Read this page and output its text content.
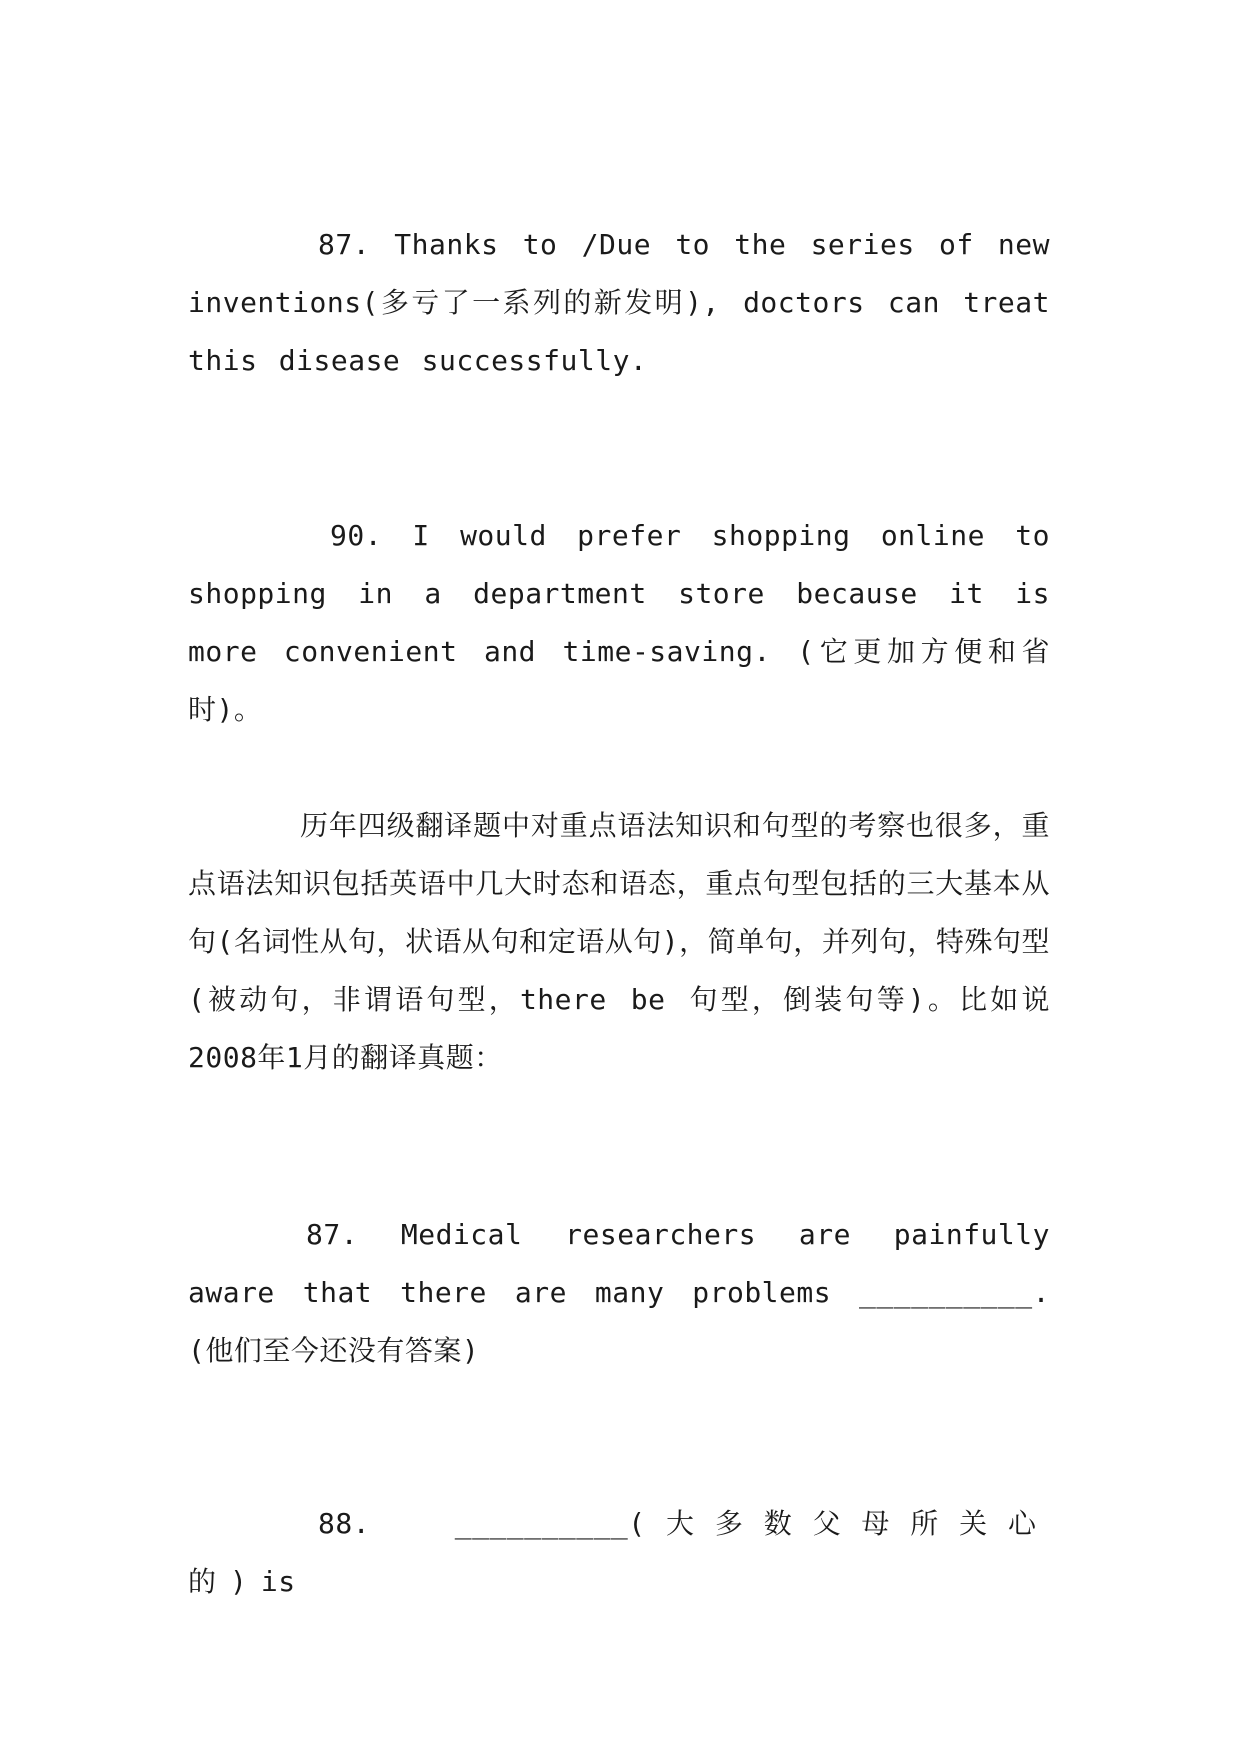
87. Thanks to /Due to the series of new inventions(多亏了一系列的新发明), doctors can treat this disease successfully.

90. I would prefer shopping online to shopping in a department store because it is more convenient and time-saving. (它更加方便和省时)。

历年四级翻译题中对重点语法知识和句型的考察也很多，重点语法知识包括英语中几大时态和语态，重点句型包括的三大基本从句(名词性从句，状语从句和定语从句)，简单句，并列句，特殊句型(被动句，非谓语句型，there be 句型，倒装句等)。比如说2008年1月的翻译真题：

87. Medical researchers are painfully aware that there are many problems __________. (他们至今还没有答案)

88.	__________(大多数父母所关心的)is
